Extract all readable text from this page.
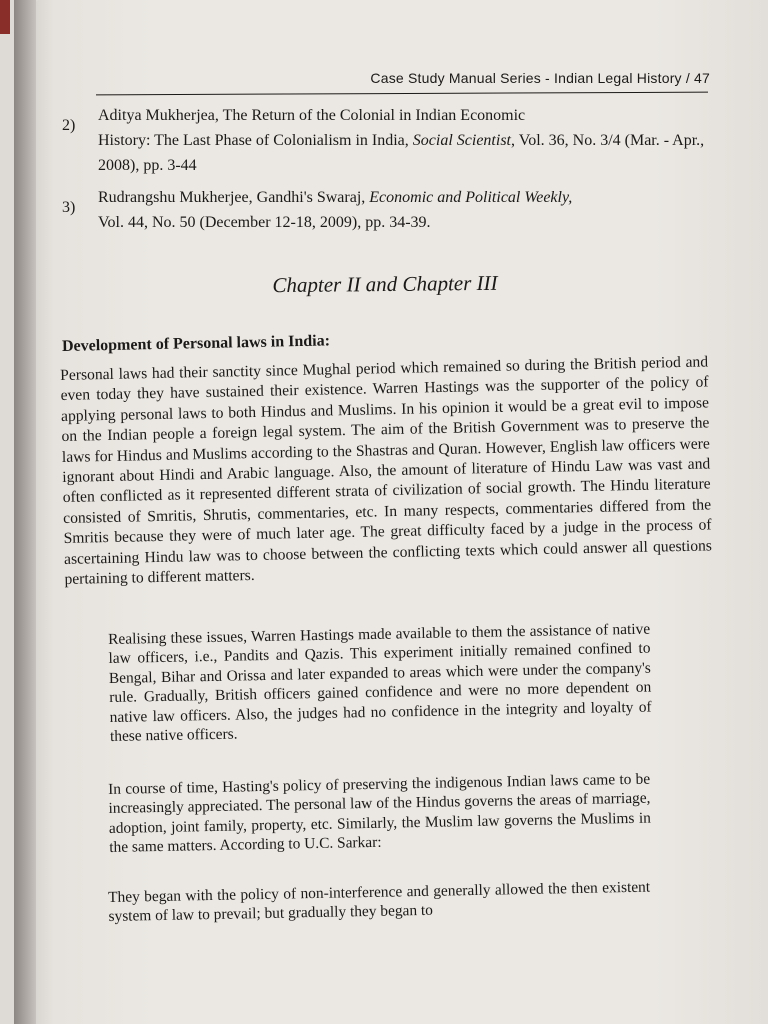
Case Study Manual Series - Indian Legal History / 47
2)

Aditya Mukherjea, The Return of the Colonial in Indian Economic

History: The Last Phase of Colonialism in India, Social Scientist, Vol. 36, No. 3/4 (Mar. - Apr., 2008), pp. 3-44

3)

Rudrangshu Mukherjee, Gandhi's Swaraj, Economic and Political Weekly,

Vol. 44, No. 50 (December 12-18, 2009), pp. 34-39.

Chapter II and Chapter III
Development of Personal laws in India:

Personal laws had their sanctity since Mughal period which remained so during the British period and even today they have sustained their existence. Warren Hastings was the supporter of the policy of applying personal laws to both Hindus and Muslims. In his opinion it would be a great evil to impose on the Indian people a foreign legal system. The aim of the British Government was to preserve the laws for Hindus and Muslims according to the Shastras and Quran. However, English law officers were ignorant about Hindi and Arabic language. Also, the amount of literature of Hindu Law was vast and often conflicted as it represented different strata of civilization of social growth. The Hindu literature consisted of Smritis, Shrutis, commentaries, etc. In many respects, commentaries differed from the Smritis because they were of much later age. The great difficulty faced by a judge in the process of ascertaining Hindu law was to choose between the conflicting texts which could answer all questions pertaining to different matters.

Realising these issues, Warren Hastings made available to them the assistance of native law officers, i.e., Pandits and Qazis. This experiment initially remained confined to Bengal, Bihar and Orissa and later expanded to areas which were under the company's rule. Gradually, British officers gained confidence and were no more dependent on native law officers. Also, the judges had no confidence in the integrity and loyalty of these native officers.

In course of time, Hasting's policy of preserving the indigenous Indian laws came to be increasingly appreciated. The personal law of the Hindus governs the areas of marriage, adoption, joint family, property, etc. Similarly, the Muslim law governs the Muslims in the same matters. According to U.C. Sarkar:

They began with the policy of non-interference and generally allowed the then existent system of law to prevail; but gradually they began to
